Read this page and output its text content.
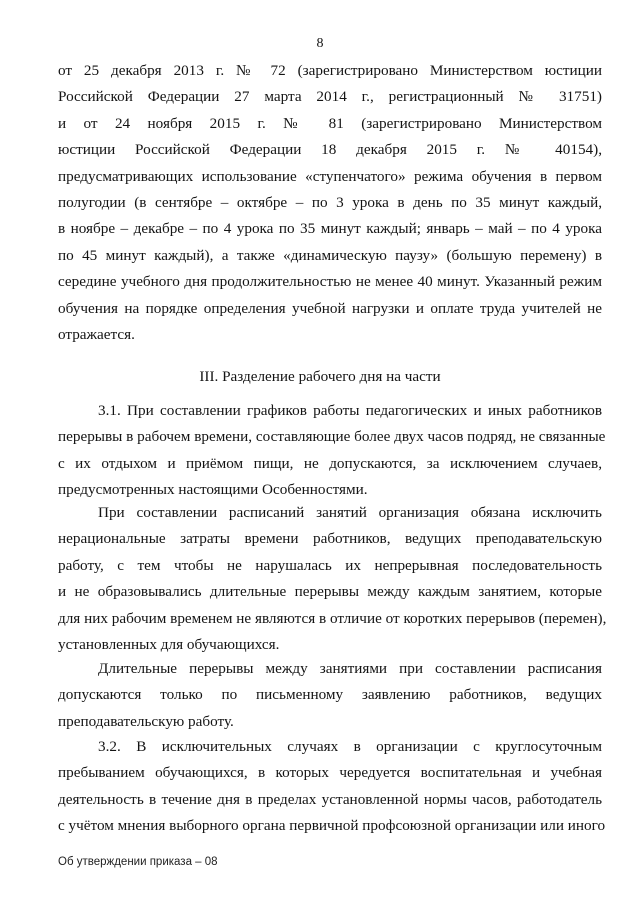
8
от 25 декабря 2013 г. № 72 (зарегистрировано Министерством юстиции
Российской Федерации 27 марта 2014 г., регистрационный № 31751)
и от 24 ноября 2015 г. № 81 (зарегистрировано Министерством
юстиции Российской Федерации 18 декабря 2015 г. № 40154),
предусматривающих использование «ступенчатого» режима обучения в первом
полугодии (в сентябре – октябре – по 3 урока в день по 35 минут каждый,
в ноябре – декабре – по 4 урока по 35 минут каждый; январь – май – по 4 урока
по 45 минут каждый), а также «динамическую паузу» (большую перемену) в
середине учебного дня продолжительностью не менее 40 минут. Указанный режим
обучения на порядке определения учебной нагрузки и оплате труда учителей не
отражается.
III. Разделение рабочего дня на части
3.1. При составлении графиков работы педагогических и иных работников
перерывы в рабочем времени, составляющие более двух часов подряд, не связанные
с их отдыхом и приёмом пищи, не допускаются, за исключением случаев,
предусмотренных настоящими Особенностями.
При составлении расписаний занятий организация обязана исключить
нерациональные затраты времени работников, ведущих преподавательскую
работу, с тем чтобы не нарушалась их непрерывная последовательность
и не образовывались длительные перерывы между каждым занятием, которые
для них рабочим временем не являются в отличие от коротких перерывов (перемен),
установленных для обучающихся.
Длительные перерывы между занятиями при составлении расписания
допускаются только по письменному заявлению работников, ведущих
преподавательскую работу.
3.2. В исключительных случаях в организации с круглосуточным
пребыванием обучающихся, в которых чередуется воспитательная и учебная
деятельность в течение дня в пределах установленной нормы часов, работодатель
с учётом мнения выборного органа первичной профсоюзной организации или иного
Об утверждении приказа – 08
